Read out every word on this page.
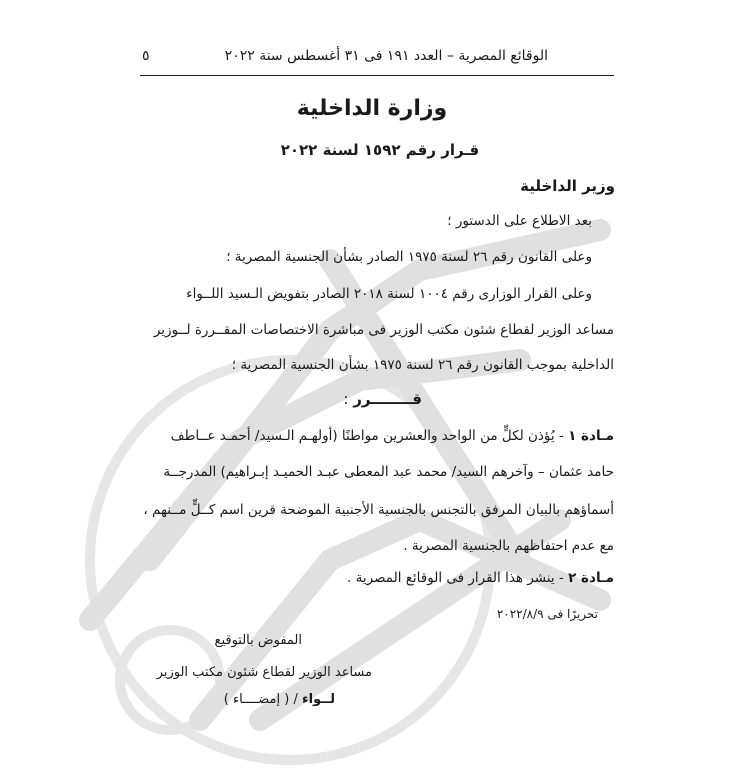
الوقائع المصرية – العدد ١٩١ فى ٣١ أغسطس سنة ٢٠٢٢
٥
وزارة الداخلية
قـرار رقم ١٥٩٢ لسنة ٢٠٢٢
وزير الداخلية
بعد الاطلاع على الدستور ؛
وعلى القانون رقم ٢٦ لسنة ١٩٧٥ الصادر بشأن الجنسية المصرية ؛
وعلى القرار الوزارى رقم ١٠٠٤ لسنة ٢٠١٨ الصادر بتفويض الـسيد اللــواء
مساعد الوزير لقطاع شئون مكتب الوزير فى مباشرة الاختصاصات المقــررة لــوزير
الداخلية بموجب القانون رقم ٢٦ لسنة ١٩٧٥ بشأن الجنسية المصرية ؛
قــــــــرر :
مـادة ١ - يُؤذن لكلٍّ من الواحد والعشرين مواطنًا (أولهـم الـسيد/ أحمـد عــاطف
حامد عثمان – وآخرهم السيد/ محمد عبد المعطى عبـد الحميـد إبـراهيم) المدرجــة
أسماؤهم بالبيان المرفق بالتجنس بالجنسية الأجنبية الموضحة قرين اسم كــلٍّ مــنهم ،
مع عدم احتفاظهم بالجنسية المصرية .
مـادة ٢ - ينشر هذا القرار فى الوقائع المصرية .
تحريرًا فى ٢٠٢٢/٨/٩
المفوض بالتوقيع
مساعد الوزير لقطاع شئون مكتب الوزير
لــواء / ( إمضــــاء )
